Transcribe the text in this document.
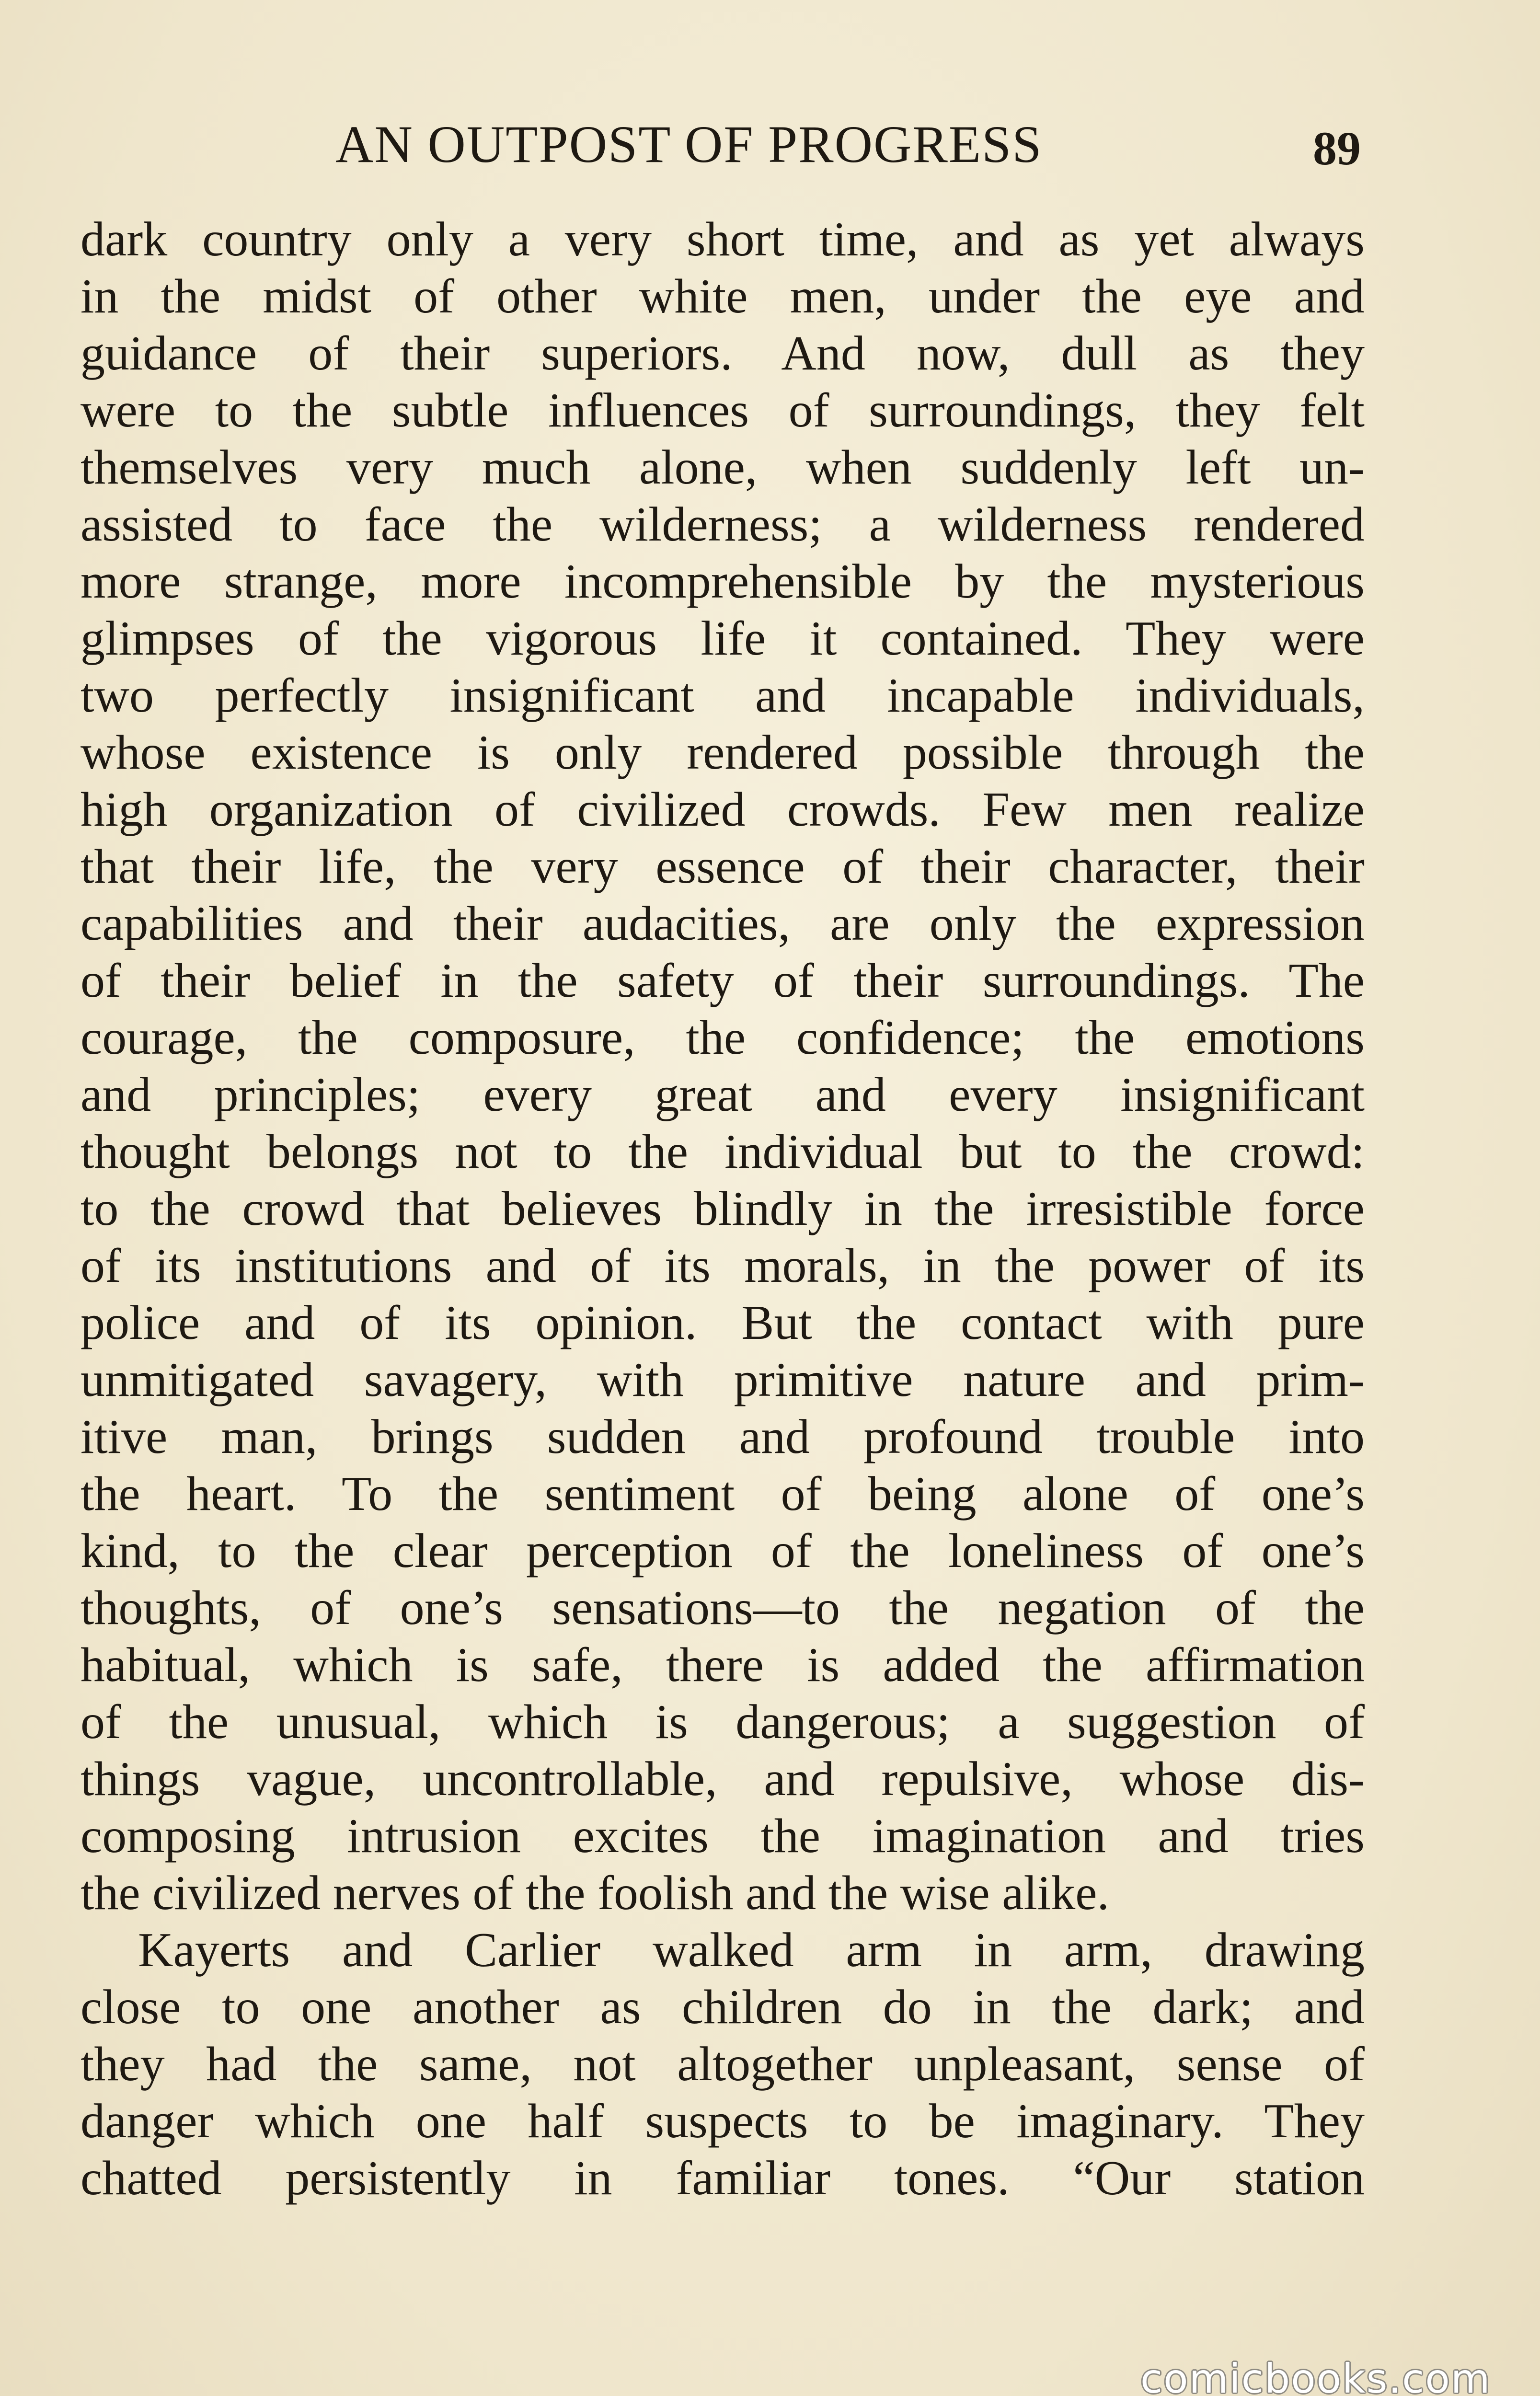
AN OUTPOST OF PROGRESS	89
dark country only a very short time, and as yet always
in the midst of other white men, under the eye and
guidance of their superiors. And now, dull as they
were to the subtle influences of surroundings, they felt
themselves very much alone, when suddenly left un-
assisted to face the wilderness; a wilderness rendered
more strange, more incomprehensible by the mysterious
glimpses of the vigorous life it contained. They were
two perfectly insignificant and incapable individuals,
whose existence is only rendered possible through the
high organization of civilized crowds. Few men realize
that their life, the very essence of their character, their
capabilities and their audacities, are only the expression
of their belief in the safety of their surroundings. The
courage, the composure, the confidence; the emotions
and principles; every great and every insignificant
thought belongs not to the individual but to the crowd:
to the crowd that believes blindly in the irresistible force
of its institutions and of its morals, in the power of its
police and of its opinion. But the contact with pure
unmitigated savagery, with primitive nature and prim-
itive man, brings sudden and profound trouble into
the heart. To the sentiment of being alone of one’s
kind, to the clear perception of the loneliness of one’s
thoughts, of one’s sensations—to the negation of the
habitual, which is safe, there is added the affirmation
of the unusual, which is dangerous; a suggestion of
things vague, uncontrollable, and repulsive, whose dis-
composing intrusion excites the imagination and tries
the civilized nerves of the foolish and the wise alike.
Kayerts and Carlier walked arm in arm, drawing
close to one another as children do in the dark; and
they had the same, not altogether unpleasant, sense of
danger which one half suspects to be imaginary. They
chatted persistently in familiar tones. “Our station
comicbooks.com
